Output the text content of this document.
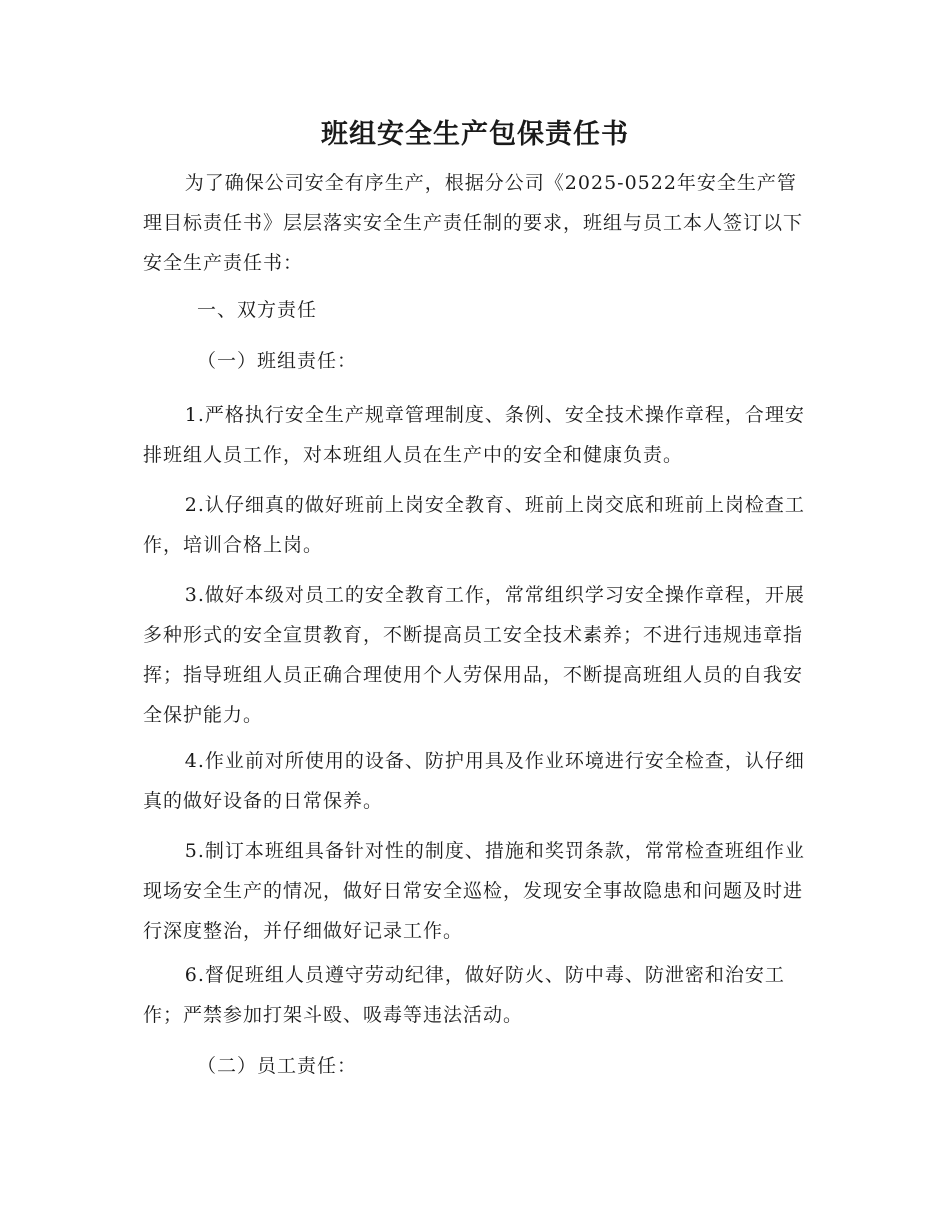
班组安全生产包保责任书
为了确保公司安全有序生产，根据分公司《2025-0522年安全生产管理目标责任书》层层落实安全生产责任制的要求，班组与员工本人签订以下安全生产责任书：
一、双方责任
（一）班组责任：
1.严格执行安全生产规章管理制度、条例、安全技术操作章程，合理安排班组人员工作，对本班组人员在生产中的安全和健康负责。
2.认仔细真的做好班前上岗安全教育、班前上岗交底和班前上岗检查工作，培训合格上岗。
3.做好本级对员工的安全教育工作，常常组织学习安全操作章程，开展多种形式的安全宣贯教育，不断提高员工安全技术素养；不进行违规违章指挥；指导班组人员正确合理使用个人劳保用品，不断提高班组人员的自我安全保护能力。
4.作业前对所使用的设备、防护用具及作业环境进行安全检查，认仔细真的做好设备的日常保养。
5.制订本班组具备针对性的制度、措施和奖罚条款，常常检查班组作业现场安全生产的情况，做好日常安全巡检，发现安全事故隐患和问题及时进行深度整治，并仔细做好记录工作。
6.督促班组人员遵守劳动纪律，做好防火、防中毒、防泄密和治安工作；严禁参加打架斗殴、吸毒等违法活动。
（二）员工责任：
